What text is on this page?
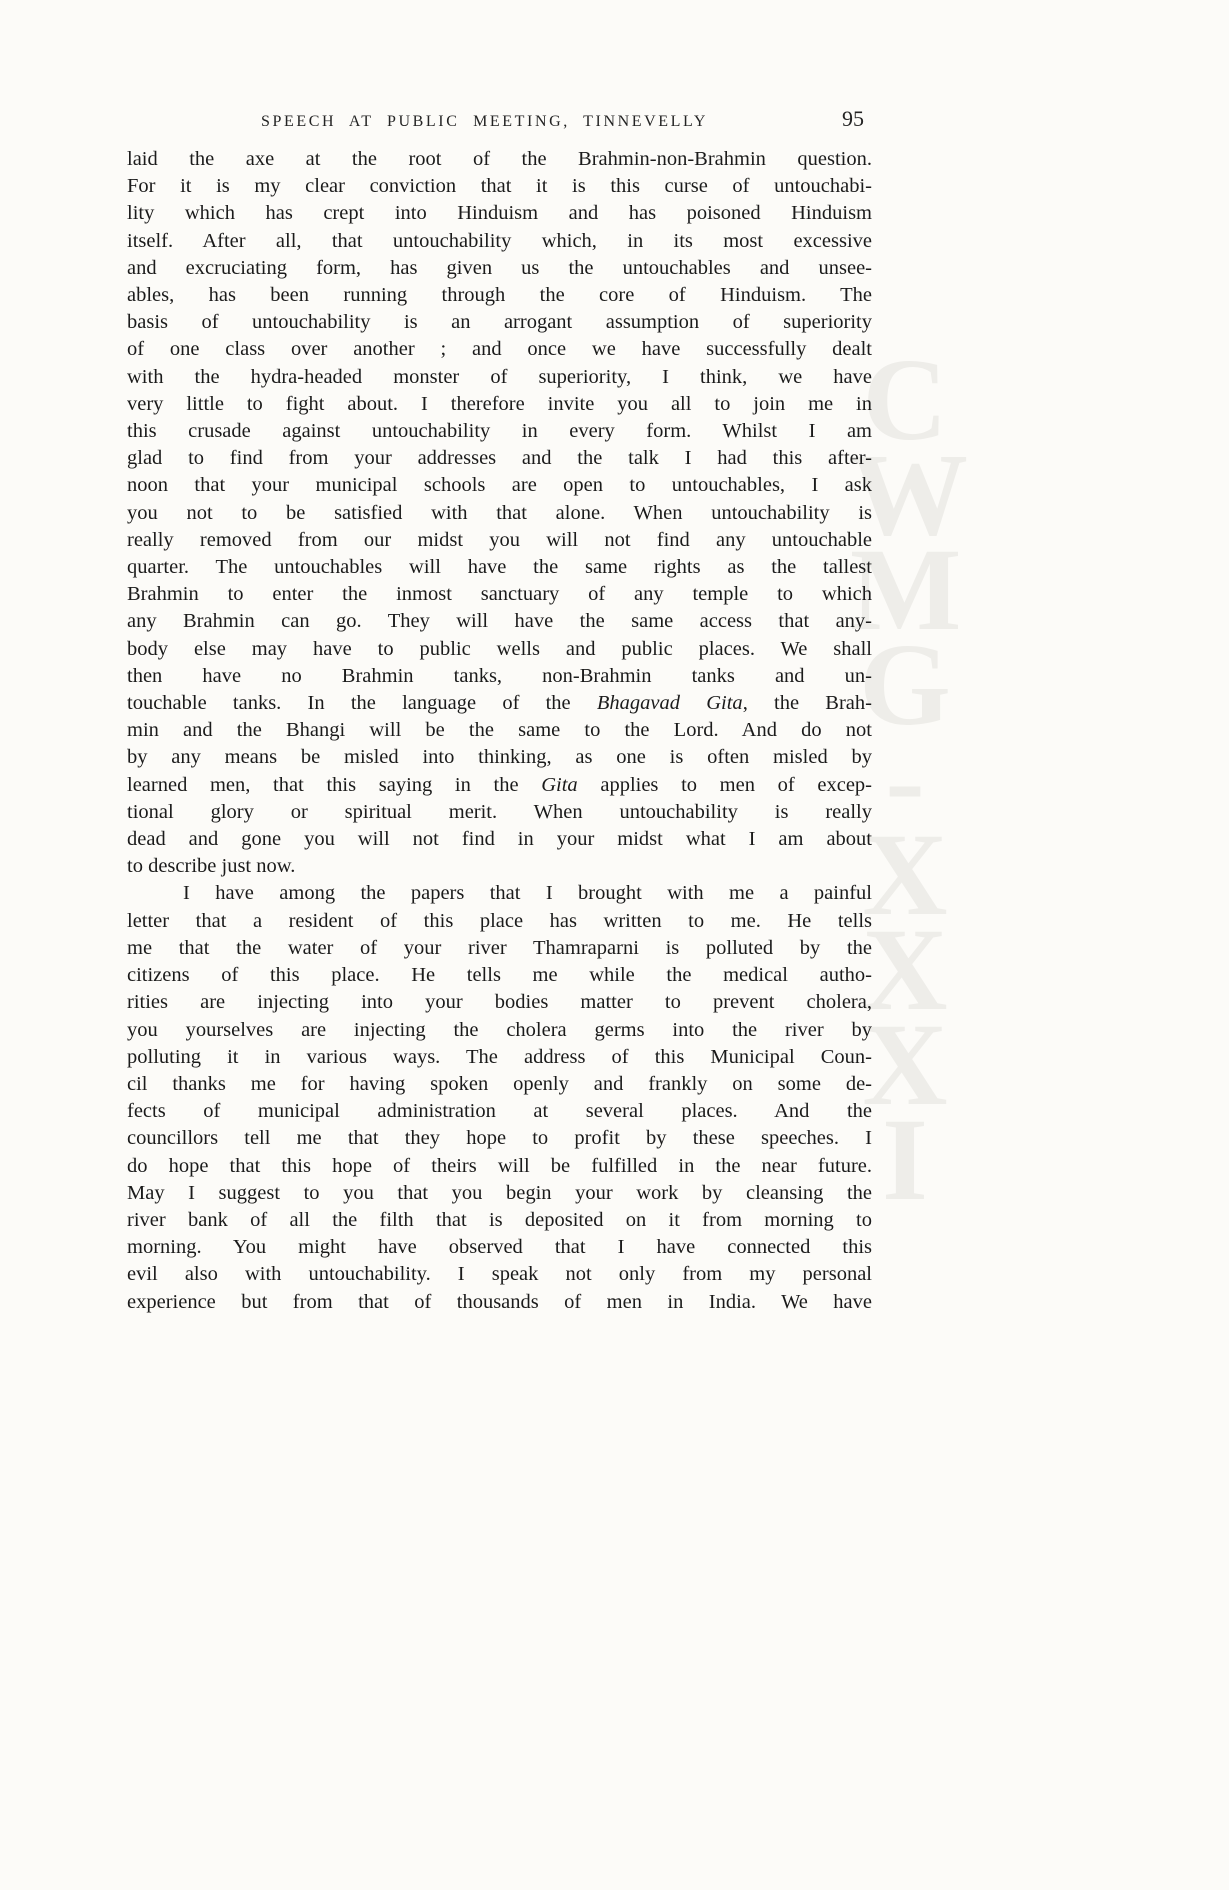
C
W
M
G
-
X
X
X
I
SPEECH AT PUBLIC MEETING, TINNEVELLY	95
laid the axe at the root of the Brahmin-non-Brahmin question.
For it is my clear conviction that it is this curse of untouchabi-
lity which has crept into Hinduism and has poisoned Hinduism
itself. After all, that untouchability which, in its most excessive
and excruciating form, has given us the untouchables and unsee-
ables, has been running through the core of Hinduism. The
basis of untouchability is an arrogant assumption of superiority
of one class over another ; and once we have successfully dealt
with the hydra-headed monster of superiority, I think, we have
very little to fight about. I therefore invite you all to join me in
this crusade against untouchability in every form. Whilst I am
glad to find from your addresses and the talk I had this after-
noon that your municipal schools are open to untouchables, I ask
you not to be satisfied with that alone. When untouchability is
really removed from our midst you will not find any untouchable
quarter. The untouchables will have the same rights as the tallest
Brahmin to enter the inmost sanctuary of any temple to which
any Brahmin can go. They will have the same access that any-
body else may have to public wells and public places. We shall
then have no Brahmin tanks, non-Brahmin tanks and un-
touchable tanks. In the language of the Bhagavad Gita, the Brah-
min and the Bhangi will be the same to the Lord. And do not
by any means be misled into thinking, as one is often misled by
learned men, that this saying in the Gita applies to men of excep-
tional glory or spiritual merit. When untouchability is really
dead and gone you will not find in your midst what I am about
to describe just now.
I have among the papers that I brought with me a painful
letter that a resident of this place has written to me. He tells
me that the water of your river Thamraparni is polluted by the
citizens of this place. He tells me while the medical autho-
rities are injecting into your bodies matter to prevent cholera,
you yourselves are injecting the cholera germs into the river by
polluting it in various ways. The address of this Municipal Coun-
cil thanks me for having spoken openly and frankly on some de-
fects of municipal administration at several places. And the
councillors tell me that they hope to profit by these speeches. I
do hope that this hope of theirs will be fulfilled in the near future.
May I suggest to you that you begin your work by cleansing the
river bank of all the filth that is deposited on it from morning to
morning. You might have observed that I have connected this
evil also with untouchability. I speak not only from my personal
experience but from that of thousands of men in India. We have
